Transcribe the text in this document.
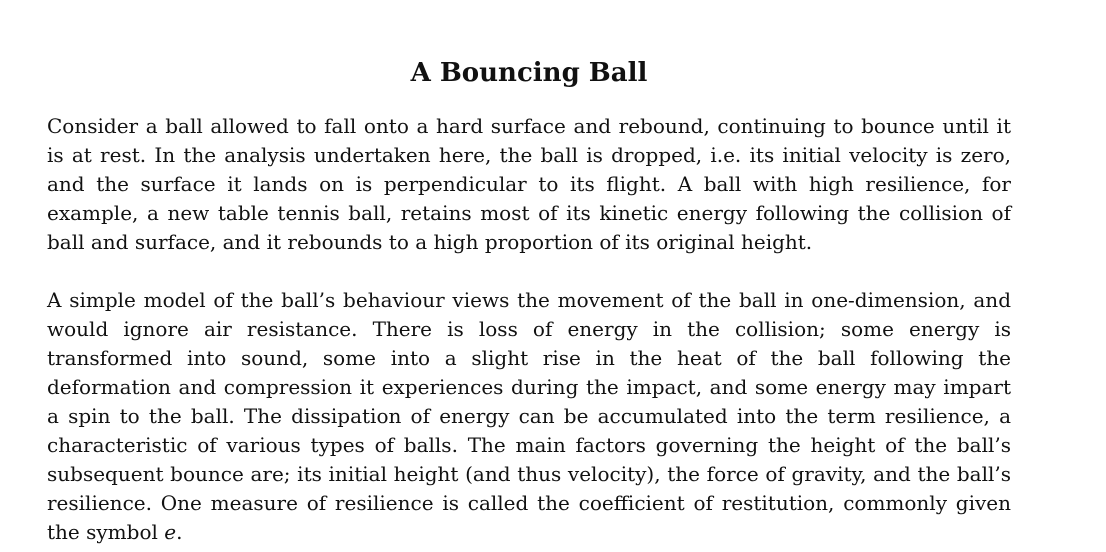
A Bouncing Ball

Consider a ball allowed to fall onto a hard surface and rebound, continuing to bounce until it is at rest. In the analysis undertaken here, the ball is dropped, i.e. its initial velocity is zero, and the surface it lands on is perpendicular to its flight. A ball with high resilience, for example, a new table tennis ball, retains most of its kinetic energy following the collision of ball and surface, and it rebounds to a high proportion of its original height.

A simple model of the ball’s behaviour views the movement of the ball in one-dimension, and would ignore air resistance. There is loss of energy in the collision; some energy is transformed into sound, some into a slight rise in the heat of the ball following the deformation and compression it experiences during the impact, and some energy may impart a spin to the ball. The dissipation of energy can be accumulated into the term resilience, a characteristic of various types of balls. The main factors governing the height of the ball’s subsequent bounce are; its initial height (and thus velocity), the force of gravity, and the ball’s resilience. One measure of resilience is called the coefficient of restitution, commonly given the symbol e.
